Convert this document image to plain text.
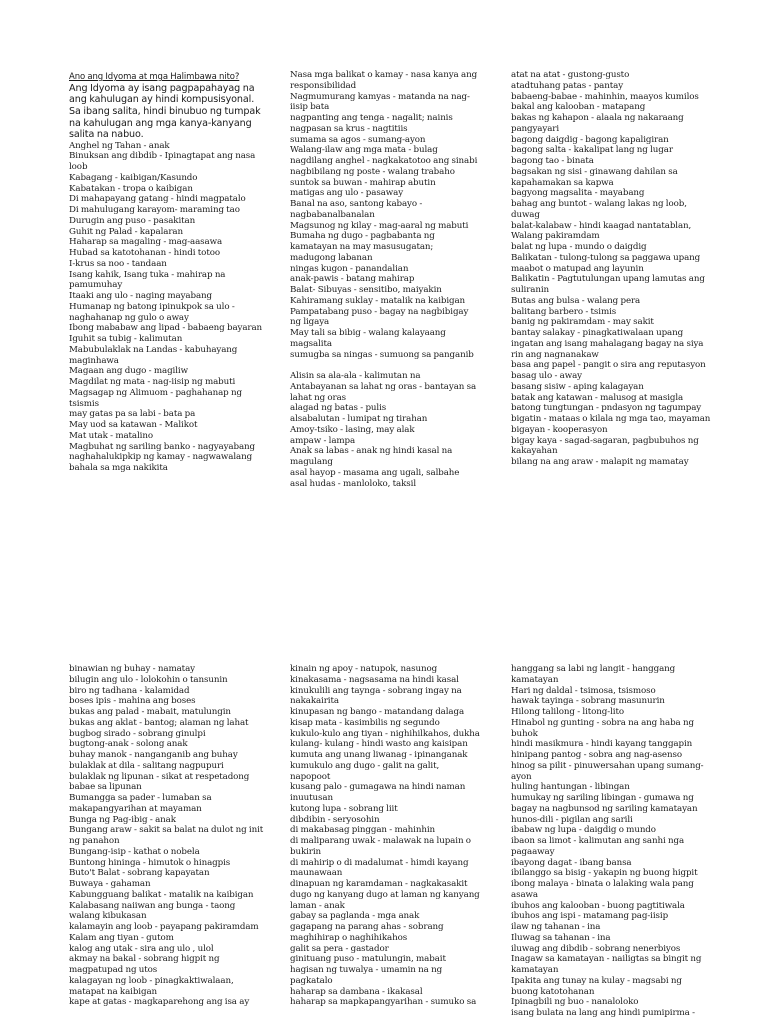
Ano ang Idyoma at mga Halimbawa nito?

Ang Idyoma ay isang pagpapahayag na ang kahulugan ay hindi kompusisyonal. Sa ibang salita, hindi binubuo ng tumpak na kahulugan ang mga kanya-kanyang salita na nabuo.

Anghel ng Tahan - anak

Binuksan ang dibdib - Ipinagtapat ang nasa loob

Kabagang - kaibigan/Kasundo

Kabatakan - tropa o kaibigan

Di mahapayang gatang - hindi magpatalo

Di mahulugang karayom- maraming tao

Durugin ang puso - pasakitan

Guhit ng Palad - kapalaran

Haharap sa magaling - mag-aasawa

Hubad sa katotohanan - hindi totoo

I-krus sa noo - tandaan

Isang kahik, Isang tuka - mahirap na pamumuhay

Itaaki ang ulo - naging mayabang

Humanap ng batong ipinukpok sa ulo - naghahanap ng gulo o away

Ibong mababaw ang lipad - babaeng bayaran

Iguhit sa tubig - kalimutan

Mabubulaklak na Landas - kabuhayang maginhawa

Magaan ang dugo - magiliw

Magdilat ng mata - nag-iisip ng mabuti

Magsagap ng Alimuom - paghahanap ng tsismis

may gatas pa sa labi - bata pa

May uod sa katawan - Malikot

Mat utak - matalino

Magbuhat ng sariling banko - nagyayabang

naghahalukipkip ng kamay - nagwawalang bahala sa mga nakikita

Nasa mga balikat o kamay - nasa kanya ang responsibilidad

Nagmumurang kamyas - matanda na nag-iisip bata

nagpanting ang tenga - nagalit; nainis

nagpasan sa krus - nagtitiis

sumama sa agos - sumang-ayon

Walang-ilaw ang mga mata - bulag

nagdilang anghel - nagkakatotoo ang sinabi

nagbibilang ng poste - walang trabaho

suntok sa buwan - mahirap abutin

matigas ang ulo - pasaway

Banal na aso, santong kabayo - nagbabanalbanalan

Magsunog ng kilay - mag-aaral ng mabuti

Bumaha ng dugo - pagbabanta ng kamatayan na may masusugatan; madugong labanan

ningas kugon - panandalian

anak-pawis - batang mahirap

Balat- Sibuyas - sensitibo, maiyakin

Kahiramang suklay - matalik na kaibigan

Pampatabang puso - bagay na nagbibigay ng ligaya

May tali sa bibig - walang kalayaang magsalita

sumugba sa ningas - sumuong sa panganib

Alisin sa ala-ala - kalimutan na

Antabayanan sa lahat ng oras - bantayan sa lahat ng oras

alagad ng batas - pulis

alsabalutan - lumipat ng tirahan

Amoy-tsiko - lasing, may alak

ampaw - lampa

Anak sa labas - anak ng hindi kasal na magulang

asal hayop - masama ang ugali, salbahe

asal hudas - manloloko, taksil

atat na atat - gustong-gusto

atadtuhang patas - pantay

babaeng-babae - mahinhin, maayos kumilos

bakal ang kalooban - matapang

bakas ng kahapon - alaala ng nakaraang pangyayari

bagong daigdig - bagong kapaligiran

bagong salta - kakalipat lang ng lugar

bagong tao - binata

bagsakan ng sisi - ginawang dahilan sa kapahamakan sa kapwa

bagyong magsalita - mayabang

bahag ang buntot - walang lakas ng loob, duwag

balat-kalabaw - hindi kaagad nantatablan, Walang pakiramdam

balat ng lupa - mundo o daigdig

Balikatan - tulong-tulong sa paggawa upang maabot o matupad ang layunin

Balikatin - Pagtutulungan upang lamutas ang suliranin

Butas ang bulsa - walang pera

balitang barbero - tsimis

banig ng pakiramdam - may sakit

bantay salakay - pinagkatiwalaan upang ingatan ang isang mahalagang bagay na siya rin ang nagnanakaw

basa ang papel - pangit o sira ang reputasyon

basag ulo - away

basang sisiw - aping kalagayan

batak ang katawan - malusog at masigla

batong tungtungan - pndasyon ng tagumpay

bigatin - mataas o kilala ng mga tao, mayaman

bigayan - kooperasyon

bigay kaya - sagad-sagaran, pagbubuhos ng kakayahan

bilang na ang araw - malapit ng mamatay

binawian ng buhay - namatay

bilugin ang ulo - lolokohin o tansunin

biro ng tadhana - kalamidad

boses ipis - mahina ang boses

bukas ang palad - mabait, matulungin

bukas ang aklat - bantog; alaman ng lahat

bugbog sirado - sobrang ginulpi

bugtong-anak - solong anak

buhay manok - nanganganib ang buhay

bulaklak at dila - salitang nagpupuri

bulaklak ng lipunan - sikat at respetadong babae sa lipunan

Bumangga sa pader - lumaban sa makapangyarihan at mayaman

Bunga ng Pag-ibig - anak

Bungang araw - sakit sa balat na dulot ng init ng panahon

Bungang-isip - kathat o nobela

Buntong hininga - himutok o hinagpis

Buto't Balat - sobrang kapayatan

Buwaya - gahaman

Kabungguang balikat - matalik na kaibigan

Kalabasang naiiwan ang bunga - taong walang kibukasan

kalamayin ang loob - payapang pakiramdam

Kalam ang tiyan - gutom

kalog ang utak - sira ang ulo , ulol

akmay na bakal - sobrang higpit ng magpatupad ng utos

kalagayan ng loob - pinagkaktiwalaan, matapat na kaibigan

kape at gatas - magkaparehong ang isa ay

kinain ng apoy - natupok, nasunog

kinakasama - nagsasama na hindi kasal

kinukulili ang taynga - sobrang ingay na nakakairita

kinupasan ng bango - matandang dalaga

kisap mata - kasimbilis ng segundo

kukulo-kulo ang tiyan - nighihilkahos, dukha

kulang- kulang - hindi wasto ang kaisipan

kumuta ang unang liwanag - ipinanganak

kumukulo ang dugo - galit na galit, napopoot

kusang palo - gumagawa na hindi naman inuutusan

kutong lupa - sobrang liit

dibdibin - seryosohin

di makabasag pinggan - mahinhin

di maliparang uwak - malawak na lupain o bukirin

di mahirip o di madalumat - himdi kayang maunawaan

dinapuan ng karamdaman - nagkakasakit

dugo ng kanyang dugo at laman ng kanyang laman - anak

gabay sa paglanda - mga anak

gagapang na parang ahas - sobrang maghihirap o naghihikahos

galit sa pera - gastador

ginituang puso - matulungin, mabait

hagisan ng tuwalya - umamin na ng pagkatalo

haharap sa dambana - ikakasal

haharap sa mapkapangyarihan - sumuko sa

hanggang sa labi ng langit - hanggang kamatayan

Hari ng daldal - tsimosa, tsismoso

hawak tayinga - sobrang masunurin

Hilong talilong - litong-lito

Hinabol ng gunting - sobra na ang haba ng buhok

hindi masikmura - hindi kayang tanggapin

hinipang pantog - sobra ang nag-asenso

hinog sa pilit - pinuwersahan upang sumang-ayon

huling hantungan - libingan

humukay ng sariling libingan - gumawa ng bagay na nagbunsod ng sariling kamatayan

hunos-dili - pigilan ang sarili

ibabaw ng lupa - daigdig o mundo

ibaon sa limot - kalimutan ang sanhi nga pagaaway

ibayong dagat - ibang bansa

ibilanggo sa bisig - yakapin ng buong higpit

ibong malaya - binata o lalaking wala pang asawa

ibuhos ang kalooban - buong pagtitiwala

ibuhos ang ispi - matamang pag-iisip

ilaw ng tahanan - ina

Iluwag sa tahanan - ina

iluwag ang dibdib - sobrang nenerbiyos

Inagaw sa kamatayan - nailigtas sa bingit ng kamatayan

Ipakita ang tunay na kulay - magsabi ng buong katotohanan

Ipinagbili ng buo - nanaloloko

isang bulata na lang ang hindi pumipirma -
